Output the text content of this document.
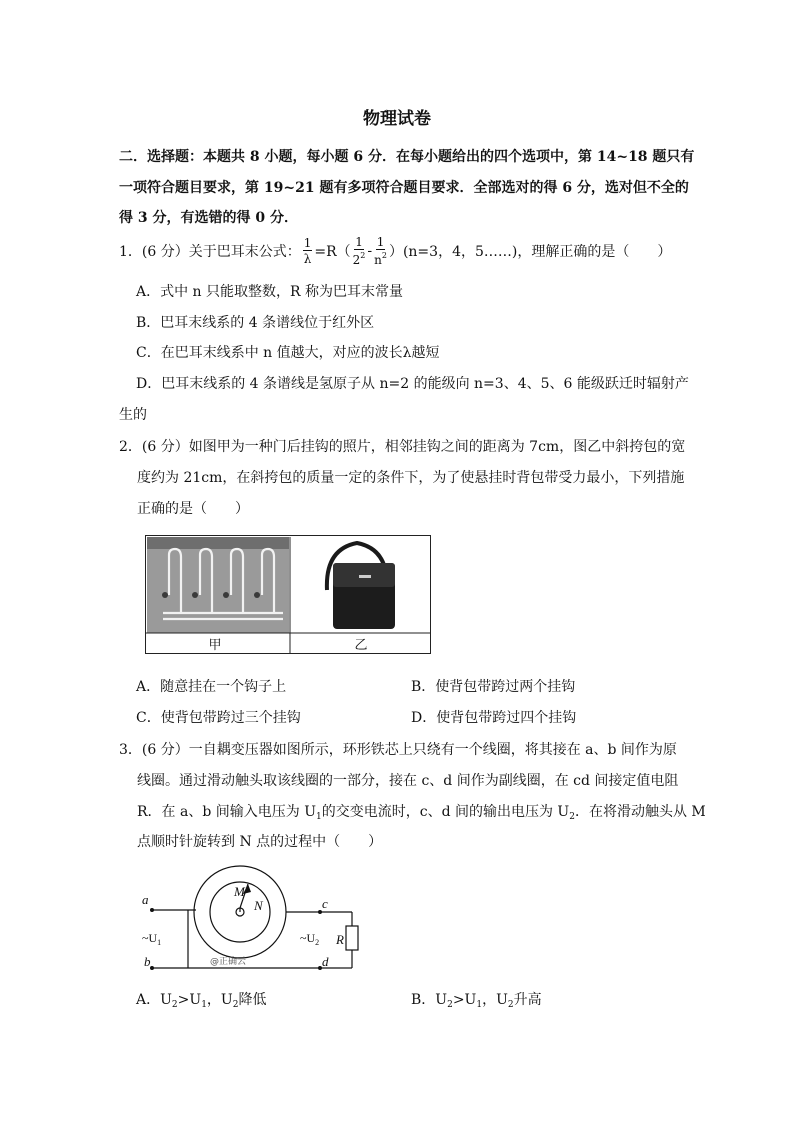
物理试卷
二．选择题：本题共 8 小题，每小题 6 分．在每小题给出的四个选项中，第 14~18 题只有
一项符合题目要求，第 19~21 题有多项符合题目要求．全部选对的得 6 分，选对但不全的
得 3 分，有选错的得 0 分．
1．(6 分）关于巴耳末公式： $\frac{1}{\lambda} =R( \frac{1}{2^2} - \frac{1}{n^2} )(n=3$，4，5……)，理解正确的是（　　）
A．式中 n 只能取整数，R 称为巴耳末常量
B．巴耳末线系的 4 条谱线位于红外区
C．在巴耳末线系中 n 值越大，对应的波长λ越短
D．巴耳末线系的 4 条谱线是氢原子从 n=2 的能级向 n=3、4、5、6 能级跃迁时辐射产
生的
2．(6 分）如图甲为一种门后挂钩的照片，相邻挂钩之间的距离为 7cm，图乙中斜挎包的宽
度约为 21cm，在斜挎包的质量一定的条件下，为了使悬挂时背包带受力最小，下列措施
正确的是（　　）
甲	乙
A．随意挂在一个钩子上	B．使背包带跨过两个挂钩
C．使背包带跨过三个挂钩	D．使背包带跨过四个挂钩
3．(6 分）一自耦变压器如图所示，环形铁芯上只绕有一个线圈，将其接在 a、b 间作为原
线圈。通过滑动触头取该线圈的一部分，接在 c、d 间作为副线圈，在 cd 间接定值电阻
R．在 a、b 间输入电压为 $U_1$的交变电流时，c、d 间的输出电压为 $U_2$．在将滑动触头从 M
点顺时针旋转到 N 点的过程中（　　）
a
b
c
d
M
N
R
$\sim U_1$	$\sim U_2$
@正确云
A．$U_2>U_1$，$U_2$降低	B．$U_2>U_1$，$U_2$升高
